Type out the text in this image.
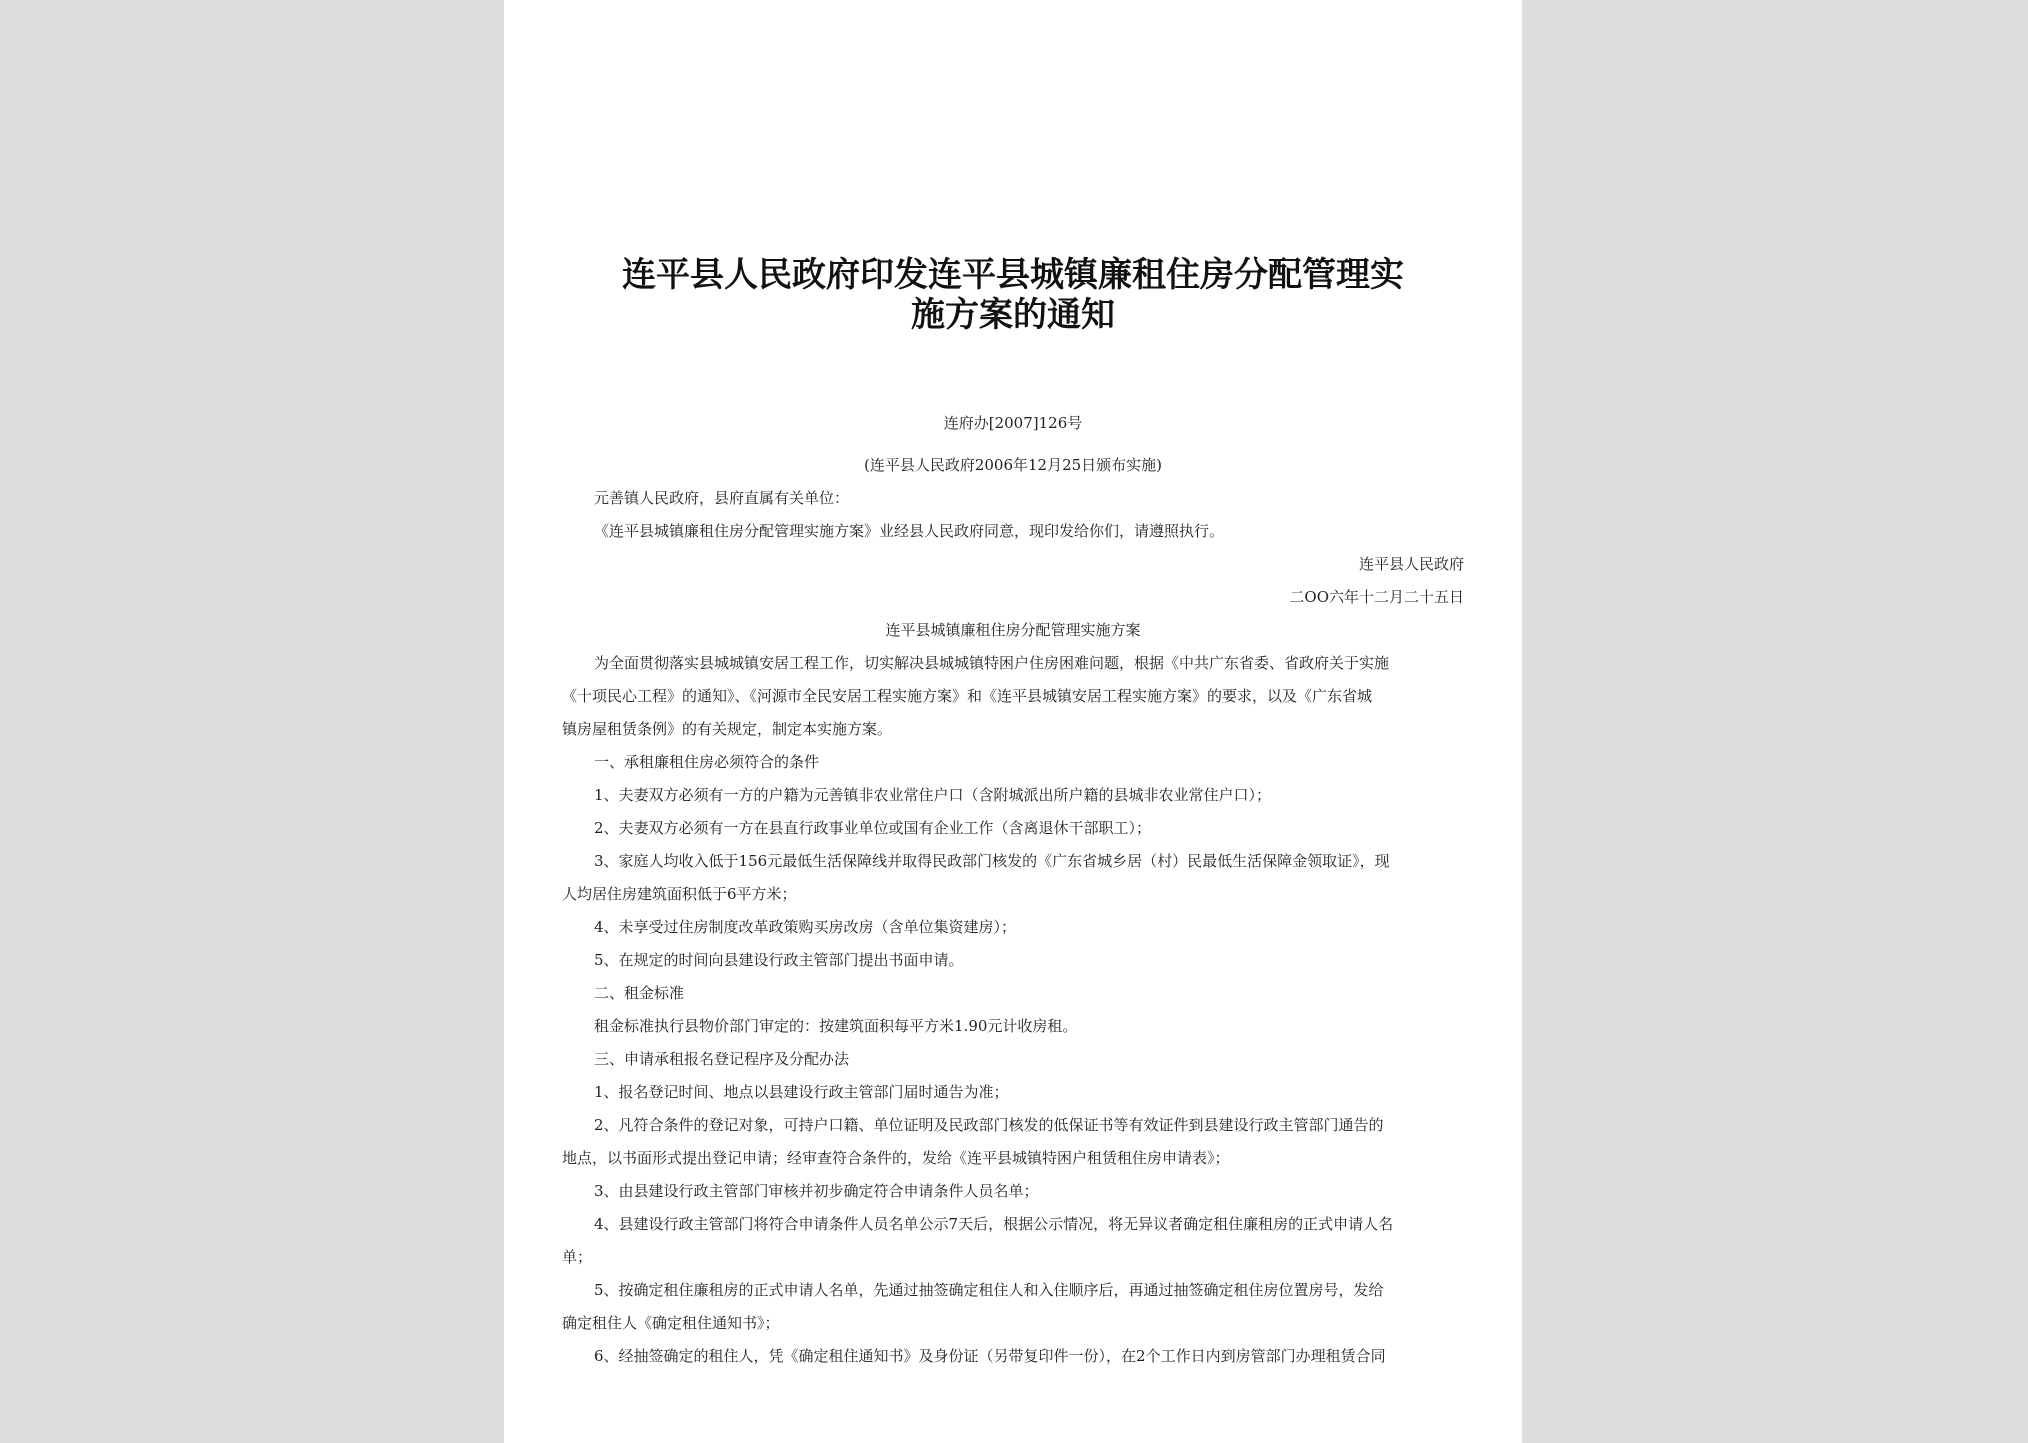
连平县人民政府印发连平县城镇廉租住房分配管理实
施方案的通知
连府办[2007]126号
(连平县人民政府2006年12月25日颁布实施)
元善镇人民政府，县府直属有关单位：
《连平县城镇廉租住房分配管理实施方案》业经县人民政府同意，现印发给你们，请遵照执行。
连平县人民政府
二OO六年十二月二十五日
连平县城镇廉租住房分配管理实施方案
为全面贯彻落实县城城镇安居工程工作，切实解决县城城镇特困户住房困难问题，根据《中共广东省委、省政府关于实施
《十项民心工程》的通知》、《河源市全民安居工程实施方案》和《连平县城镇安居工程实施方案》的要求，以及《广东省城
镇房屋租赁条例》的有关规定，制定本实施方案。
一、承租廉租住房必须符合的条件
1、夫妻双方必须有一方的户籍为元善镇非农业常住户口（含附城派出所户籍的县城非农业常住户口）；
2、夫妻双方必须有一方在县直行政事业单位或国有企业工作（含离退休干部职工）；
3、家庭人均收入低于156元最低生活保障线并取得民政部门核发的《广东省城乡居（村）民最低生活保障金领取证》，现
人均居住房建筑面积低于6平方米；
4、未享受过住房制度改革政策购买房改房（含单位集资建房）；
5、在规定的时间向县建设行政主管部门提出书面申请。
二、租金标准
租金标准执行县物价部门审定的：按建筑面积每平方米1.90元计收房租。
三、申请承租报名登记程序及分配办法
1、报名登记时间、地点以县建设行政主管部门届时通告为准；
2、凡符合条件的登记对象，可持户口籍、单位证明及民政部门核发的低保证书等有效证件到县建设行政主管部门通告的
地点，以书面形式提出登记申请；经审查符合条件的，发给《连平县城镇特困户租赁租住房申请表》；
3、由县建设行政主管部门审核并初步确定符合申请条件人员名单；
4、县建设行政主管部门将符合申请条件人员名单公示7天后，根据公示情况，将无异议者确定租住廉租房的正式申请人名
单；
5、按确定租住廉租房的正式申请人名单，先通过抽签确定租住人和入住顺序后，再通过抽签确定租住房位置房号，发给
确定租住人《确定租住通知书》；
6、经抽签确定的租住人，凭《确定租住通知书》及身份证（另带复印件一份），在2个工作日内到房管部门办理租赁合同
